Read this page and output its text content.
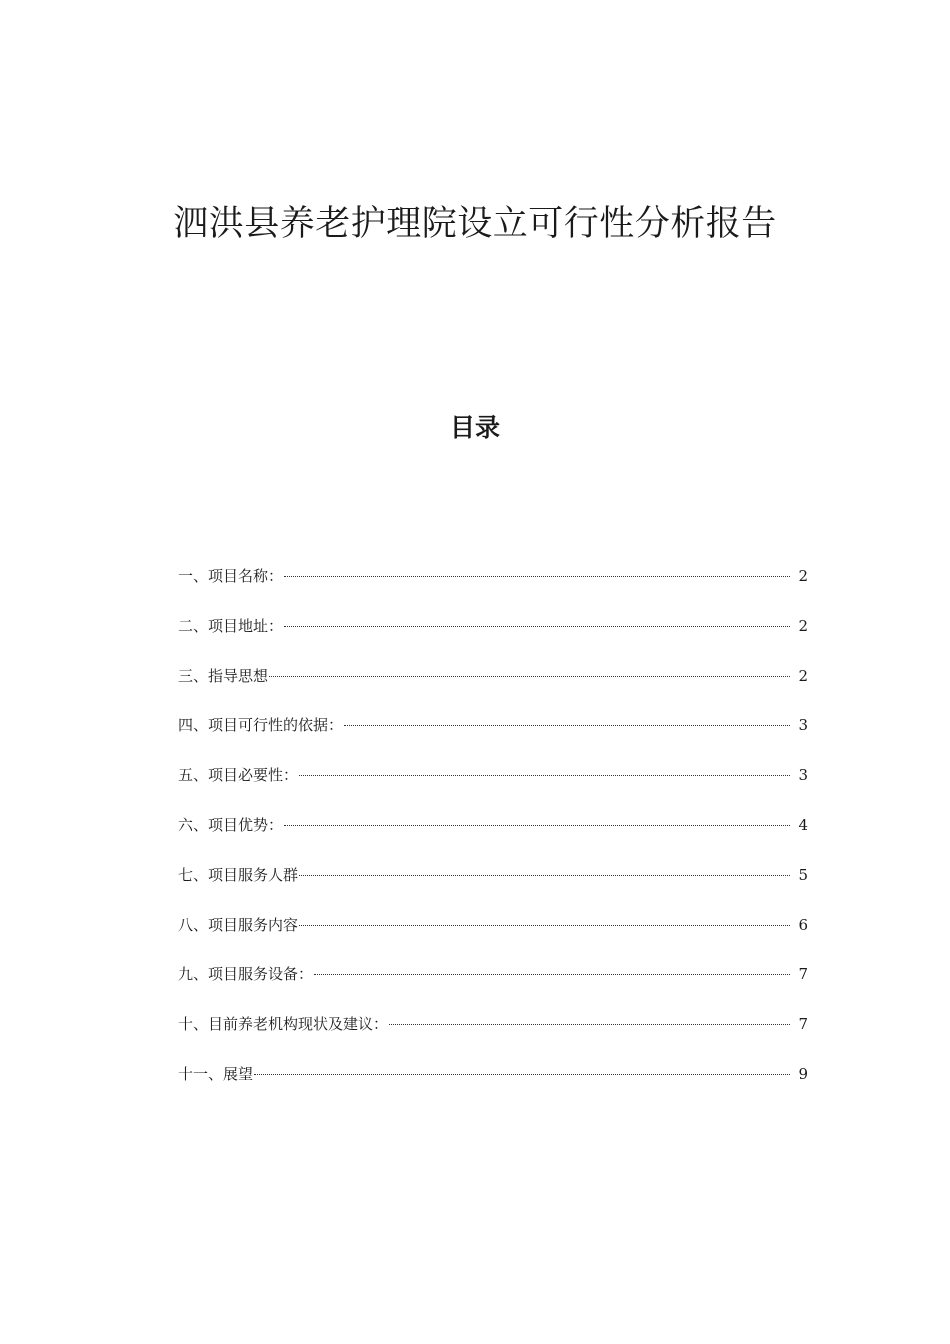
泗洪县养老护理院设立可行性分析报告
目录
一、项目名称：	2
二、项目地址：	2
三、指导思想	2
四、项目可行性的依据：	3
五、项目必要性：	3
六、项目优势：	4
七、项目服务人群	5
八、项目服务内容	6
九、项目服务设备：	7
十、目前养老机构现状及建议：	7
十一、展望	9
